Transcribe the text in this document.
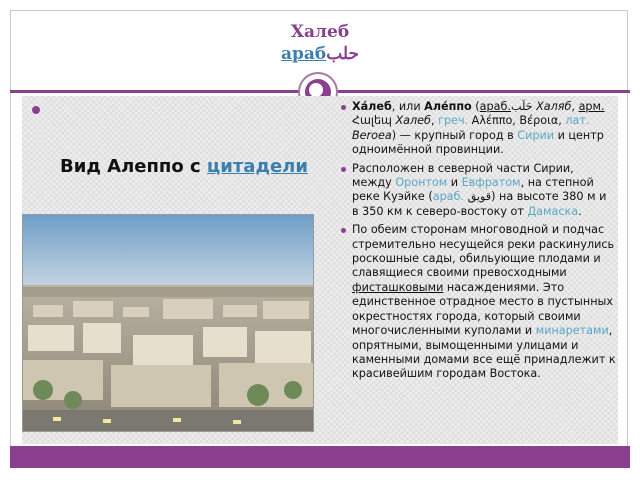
Халеб
арабحلب
Вид Алеппо с цитадели
Ха́леб, или Але́ппо (араб.حَلَب Халяб, арм. Հալեպ Халеб, греч. Αλέππο, Βέροια, лат. Beroea) — крупный город в Сирии и центр одноимённой провинции.
Расположен в северной части Сирии, между Оронтом и Евфратом, на степной реке Куэйке (араб. قويق) на высоте 380 м и в 350 км к северо-востоку от Дамаска.
По обеим сторонам многоводной и подчас стремительно несущейся реки раскинулись роскошные сады, обильующие плодами и славящиеся своими превосходными фисташковыми насаждениями. Это единственное отрадное место в пустынных окрестностях города, который своими многочисленными куполами и минаретами, опрятными, вымощенными улицами и каменными домами все ещё принадлежит к красивейшим городам Востока.
